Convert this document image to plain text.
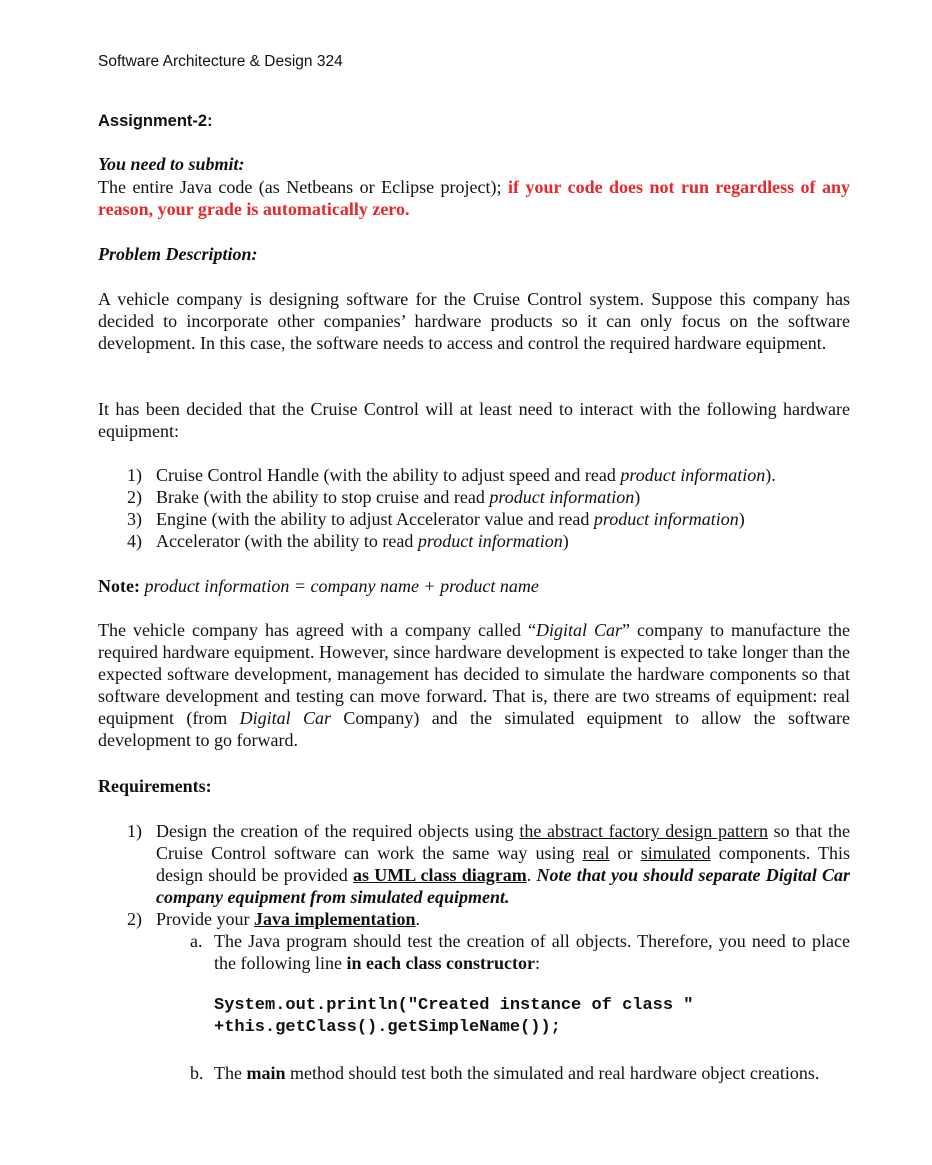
Software Architecture & Design 324
Assignment-2:
You need to submit:
The entire Java code (as Netbeans or Eclipse project); if your code does not run regardless of any reason, your grade is automatically zero.
Problem Description:
A vehicle company is designing software for the Cruise Control system. Suppose this company has decided to incorporate other companies’ hardware products so it can only focus on the software development. In this case, the software needs to access and control the required hardware equipment.
It has been decided that the Cruise Control will at least need to interact with the following hardware equipment:
1) Cruise Control Handle (with the ability to adjust speed and read product information).
2) Brake (with the ability to stop cruise and read product information)
3) Engine (with the ability to adjust Accelerator value and read product information)
4) Accelerator (with the ability to read product information)
Note: product information = company name + product name
The vehicle company has agreed with a company called “Digital Car” company to manufacture the required hardware equipment. However, since hardware development is expected to take longer than the expected software development, management has decided to simulate the hardware components so that software development and testing can move forward. That is, there are two streams of equipment: real equipment (from Digital Car Company) and the simulated equipment to allow the software development to go forward.
Requirements:
1) Design the creation of the required objects using the abstract factory design pattern so that the Cruise Control software can work the same way using real or simulated components. This design should be provided as UML class diagram. Note that you should separate Digital Car company equipment from simulated equipment.
2) Provide your Java implementation.
a. The Java program should test the creation of all objects. Therefore, you need to place the following line in each class constructor:
System.out.println("Created instance of class "
+this.getClass().getSimpleName());
b. The main method should test both the simulated and real hardware object creations.
